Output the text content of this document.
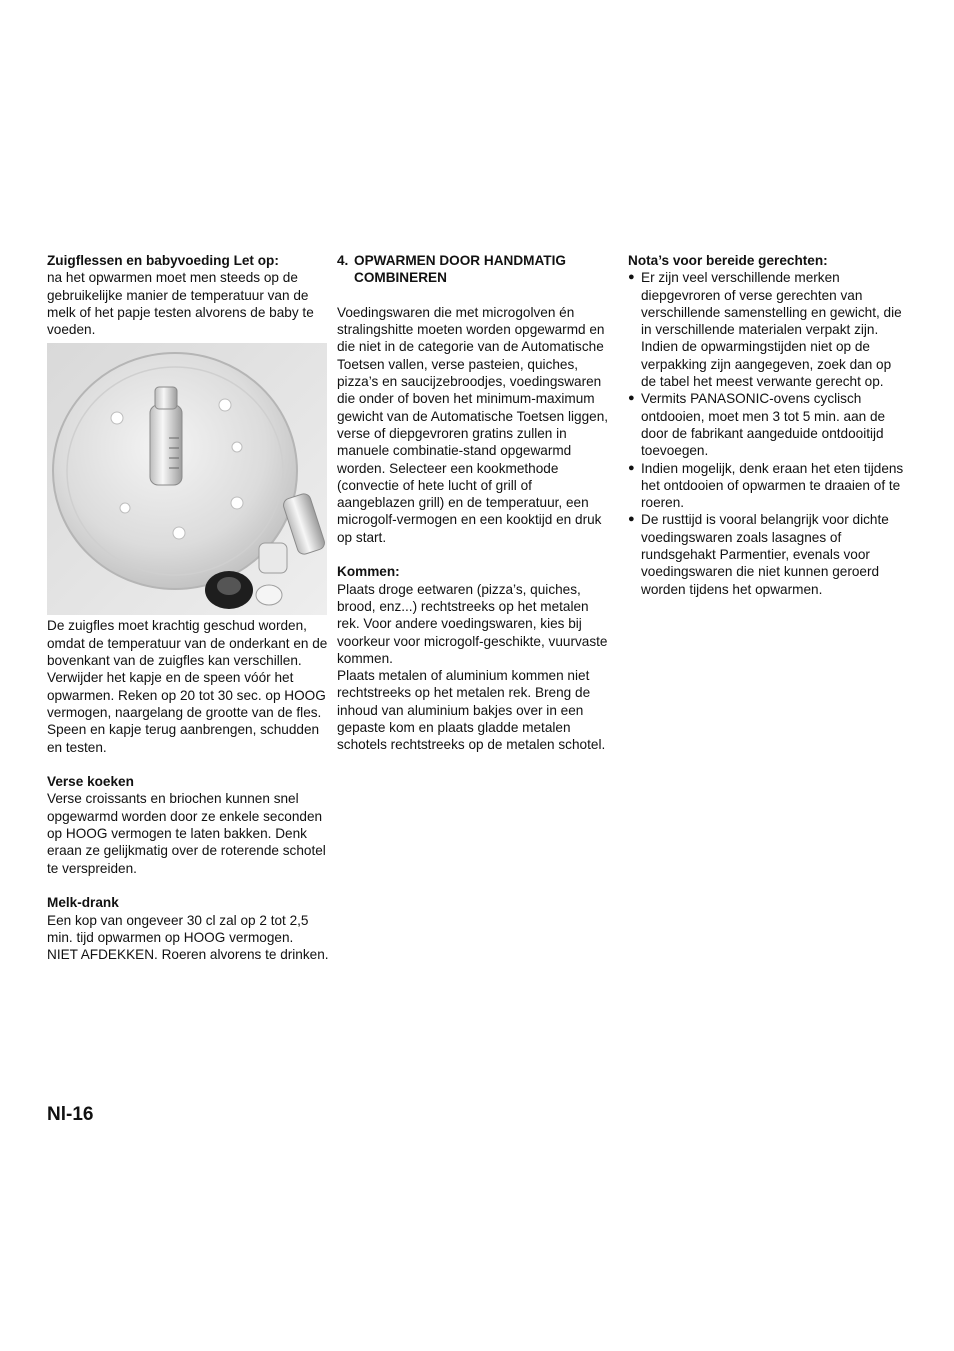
Zuigflessen en babyvoeding Let op:

na het opwarmen moet men steeds op de gebruikelijke manier de temperatuur van de melk of het papje testen alvorens de baby te voeden.

De zuigfles moet krachtig geschud worden, omdat de temperatuur van de onderkant en de bovenkant van de zuigfles kan verschillen.

Verwijder het kapje en de speen vóór het opwarmen. Reken op 20 tot 30 sec. op HOOG vermogen, naargelang de grootte van de fles. Speen en kapje terug aanbrengen, schudden en testen.

Verse koeken

Verse croissants en briochen kunnen snel opgewarmd worden door ze enkele seconden op HOOG vermogen te laten bakken. Denk eraan ze gelijkmatig over de roterende schotel te verspreiden.

Melk-drank

Een kop van ongeveer 30 cl zal op 2 tot 2,5 min. tijd opwarmen op HOOG vermogen.

NIET AFDEKKEN. Roeren alvorens te drinken.

4. OPWARMEN DOOR HANDMATIG COMBINEREN

Voedingswaren die met microgolven én stralingshitte moeten worden opgewarmd en die niet in de categorie van de Automatische Toetsen vallen, verse pasteien, quiches, pizza’s en saucijzebroodjes, voedingswaren die onder of boven het minimum-maximum gewicht van de Automatische Toetsen liggen, verse of diepgevroren gratins zullen in manuele combinatie-stand opgewarmd worden. Selecteer een kookmethode (convectie of hete lucht of grill of aangeblazen grill) en de temperatuur, een microgolf-vermogen en een kooktijd en druk op start.

Kommen:

Plaats droge eetwaren (pizza’s, quiches, brood, enz...) rechtstreeks op het metalen rek. Voor andere voedingswaren, kies bij voorkeur voor microgolf-geschikte, vuurvaste kommen.

Plaats metalen of aluminium kommen niet rechtstreeks op het metalen rek. Breng de inhoud van aluminium bakjes over in een gepaste kom en plaats gladde metalen schotels rechtstreeks op de metalen schotel.

Nota’s voor bereide gerechten:

● Er zijn veel verschillende merken diepgevroren of verse gerechten van verschillende samenstelling en gewicht, die in verschillende materialen verpakt zijn. Indien de opwarmingstijden niet op de verpakking zijn aangegeven, zoek dan op de tabel het meest verwante gerecht op.
● Vermits PANASONIC-ovens cyclisch ontdooien, moet men 3 tot 5 min. aan de door de fabrikant aangeduide ontdooitijd toevoegen.
● Indien mogelijk, denk eraan het eten tijdens het ontdooien of opwarmen te draaien of te roeren.
● De rusttijd is vooral belangrijk voor dichte voedingswaren zoals lasagnes of rundsgehakt Parmentier, evenals voor voedingswaren die niet kunnen geroerd worden tijdens het opwarmen.
Nl-16
